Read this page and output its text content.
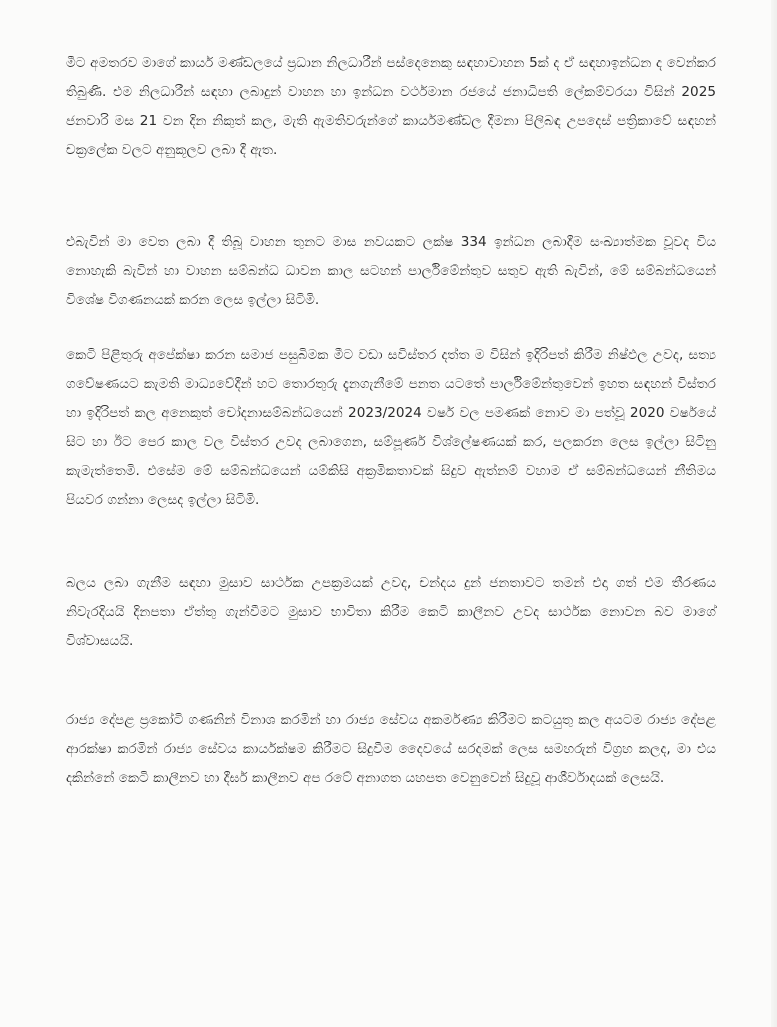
මීට අමතරව මාගේ කාර්ය මණ්ඩලයේ ප්‍රධාන නිලධාරීන් පස්දෙනෙකු සඳහාවාහන 5ක් ද ඒ සඳහාඉන්ධන ද වෙන්කර තිබුණි. එම නිලධාරීන් සඳහා ලබාදුන් වාහන හා ඉන්ධන වර්ථමාන රජයේ ජනාධිපති ලේකම්වරයා විසින් 2025 ජනවාරි මස 21 වන දින නිකුත් කල, මැති ඇමතිවරුන්ගේ කාර්යමණ්ඩල දීමනා පිලිබඳ උපදෙස් පත්‍රිකාවේ සඳහන් චක්‍රලේක වලට අනුකූලව ලබා දී ඇත.

එබැවින් මා වෙත ලබා දී තිබූ වාහන තුනට මාස නවයකට ලක්ෂ 334 ඉන්ධන ලබාදීම සංඛ්‍යාත්මක වූවද විය නොහැකි බැවින් හා වාහන සම්බන්ධ ධාවන කාල සටහන් පාර්ලිමේන්තුව සතුව ඇති බැවින්, මේ සම්බන්ධයෙන් විශේෂ විගණනයක් කරන ලෙස ඉල්ලා සිටිමි.

කෙටි පිළිතුරු අපේක්ෂා කරන සමාජ පසුබිමක මීට වඩා සවිස්තර දත්ත ම විසින් ඉදිරිපත් කිරීම නිෂ්ඵල උවද, සත්‍ය ගවේෂණයට කැමති මාධ්‍යවේදීන් හට තොරතුරු දැනගැනීමේ පනත යටතේ පාර්ලිමේන්තුවෙන් ඉහත සඳහන් විස්තර හා ඉදිරිපත් කල අනෙකුත් චෝදනාසම්බන්ධයෙන් 2023/2024 වර්ෂ වල පමණක් නොව මා පත්වූ 2020 වර්ෂයේ සිට හා ඊට පෙර කාල වල විස්තර උවද ලබාගෙන, සම්පූර්ණ විශ්ලේෂණයක් කර, පලකරන ලෙස ඉල්ලා සිටිනු කැමැත්තෙමි. එසේම මේ සම්බන්ධයෙන් යම්කිසි අක්‍රමිකතාවක් සිදුව ඇත්නම් වහාම ඒ සම්බන්ධයෙන් නීතිමය පියවර ගන්නා ලෙසද ඉල්ලා සිටිමි.

බලය ලබා ගැනීම සඳහා මුසාව සාර්ථක උපක්‍රමයක් උවද, චන්දය දුන් ජනතාවට තමන් එදා ගත් එම තීරණය නිවැරදියයි දිනපතා ඒත්තු ගැන්වීමට මුසාව භාවිතා කිරීම කෙටි කාලීනව උවද සාර්ථක නොවන බව මාගේ විශ්වාසයයි.

රාජ්‍ය දේපළ ප්‍රකෝටි ගණනින් විනාශ කරමින් හා රාජ්‍ය සේවය අකර්මණ්‍ය කිරීමට කටයුතු කල අයටම රාජ්‍ය දේපළ ආරක්ෂා කරමින් රාජ්‍ය සේවය කාර්යක්ෂම කිරීමට සිදුවීම දෛවයේ සරදමක් ලෙස සමහරුන් විග්‍රහ කලද, මා එය දකින්නේ කෙටි කාලීනව හා දීර්ඝ කාලීනව අප රටේ අනාගත යහපත වෙනුවෙන් සිදුවූ ආශීර්වාදයක් ලෙසයි.
